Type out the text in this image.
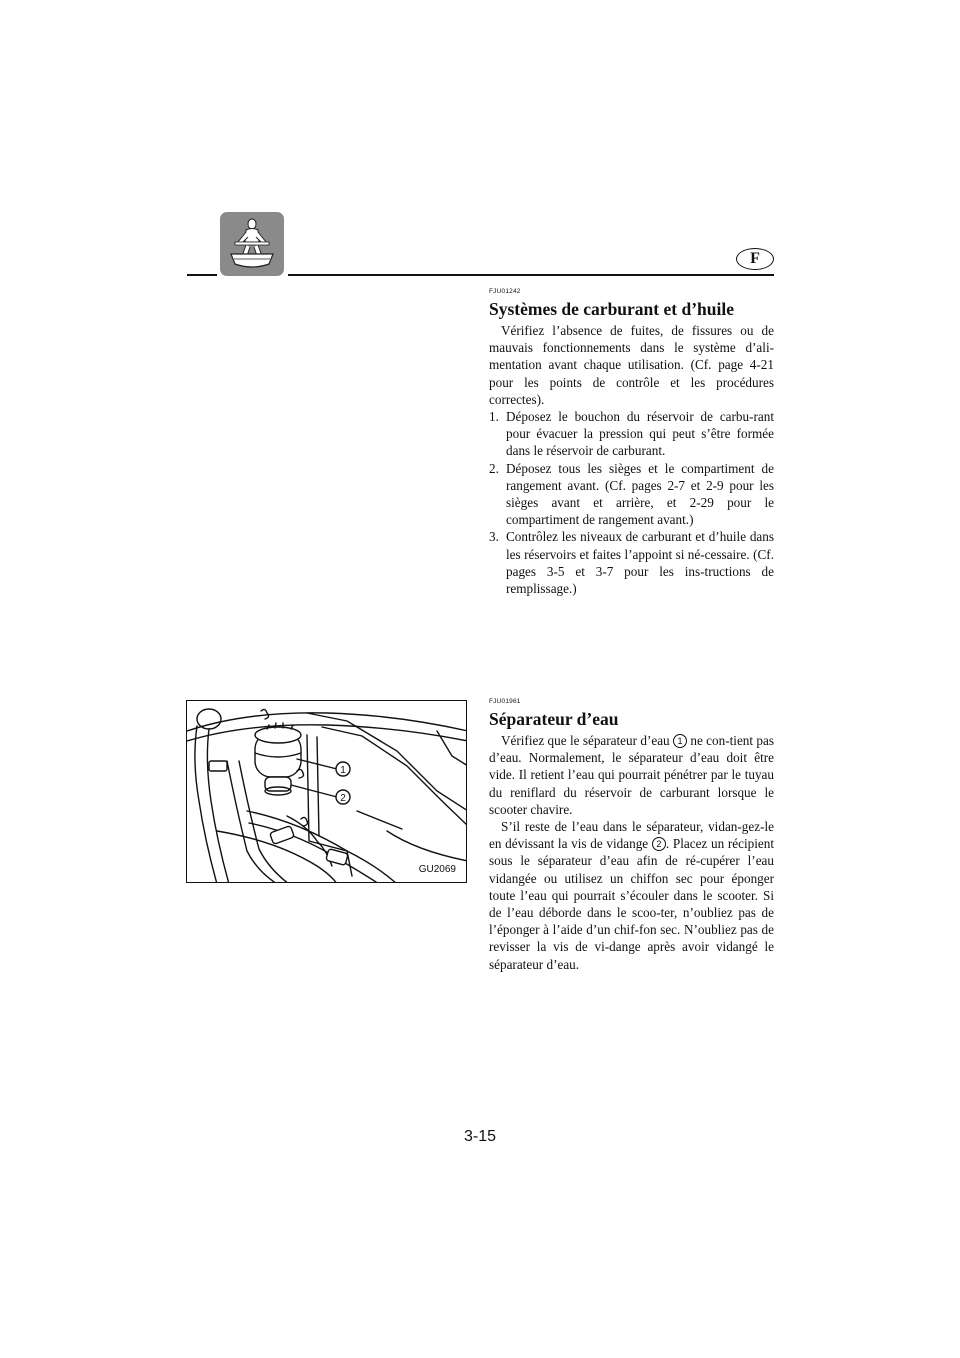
F
FJU01242
Systèmes de carburant et d’huile

Vérifiez l’absence de fuites, de fissures ou de mauvais fonctionnements dans le système d’ali-mentation avant chaque utilisation. (Cf. page 4-21 pour les points de contrôle et les procédures correctes).

1. Déposez le bouchon du réservoir de carbu-rant pour évacuer la pression qui peut s’être formée dans le réservoir de carburant.
2. Déposez tous les sièges et le compartiment de rangement avant. (Cf. pages 2-7 et 2-9 pour les sièges avant et arrière, et 2-29 pour le compartiment de rangement avant.)
3. Contrôlez les niveaux de carburant et d’huile dans les réservoirs et faites l’appoint si né-cessaire. (Cf. pages 3-5 et 3-7 pour les ins-tructions de remplissage.)
1
2
GU2069
FJU01961
Séparateur d’eau

Vérifiez que le séparateur d’eau 1 ne con-tient pas d’eau. Normalement, le séparateur d’eau doit être vide. Il retient l’eau qui pourrait pénétrer par le tuyau du reniflard du réservoir de carburant lorsque le scooter chavire.

S’il reste de l’eau dans le séparateur, vidan-gez-le en dévissant la vis de vidange 2 . Placez un récipient sous le séparateur d’eau afin de ré-cupérer l’eau vidangée ou utilisez un chiffon sec pour éponger toute l’eau qui pourrait s’écouler dans le scooter. Si de l’eau déborde dans le scoo-ter, n’oubliez pas de l’éponger à l’aide d’un chif-fon sec. N’oubliez pas de revisser la vis de vi-dange après avoir vidangé le séparateur d’eau.

3-15
